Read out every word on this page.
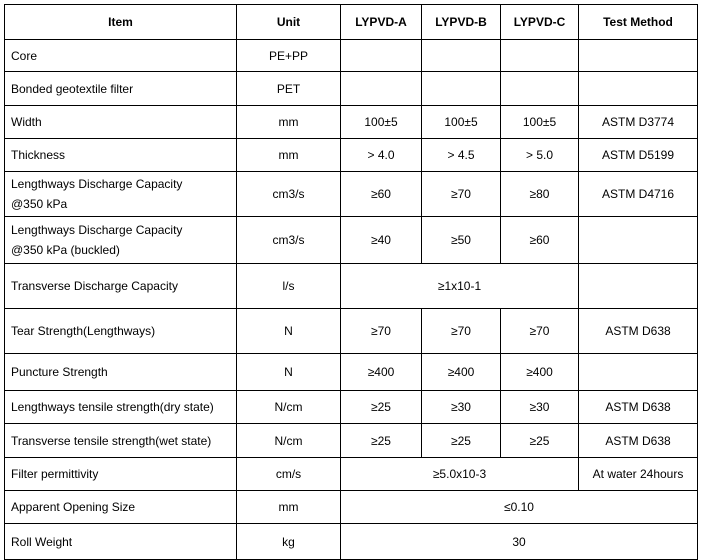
Item	Unit	LYPVD-A	LYPVD-B	LYPVD-C	Test Method
Core	PE+PP				
Bonded geotextile filter	PET				
Width	mm	100±5	100±5	100±5	ASTM D3774
Thickness	mm	> 4.0	> 4.5	> 5.0	ASTM D5199

Lengthways Discharge Capacity
@350 kPa	cm3/s	≥60	≥70	≥80	ASTM D4716

Lengthways Discharge Capacity
@350 kPa (buckled)	cm3/s	≥40	≥50	≥60	
Transverse Discharge Capacity	l/s	≥1x10-1			
Tear Strength(Lengthways)	N	≥70	≥70	≥70	ASTM D638
Puncture Strength	N	≥400	≥400	≥400	
Lengthways tensile strength(dry state)	N/cm	≥25	≥30	≥30	ASTM D638
Transverse tensile strength(wet state)	N/cm	≥25	≥25	≥25	ASTM D638
Filter permittivity	cm/s	≥5.0x10-3			At water 24hours
Apparent Opening Size	mm	≤0.10			
Roll Weight	kg	30			
